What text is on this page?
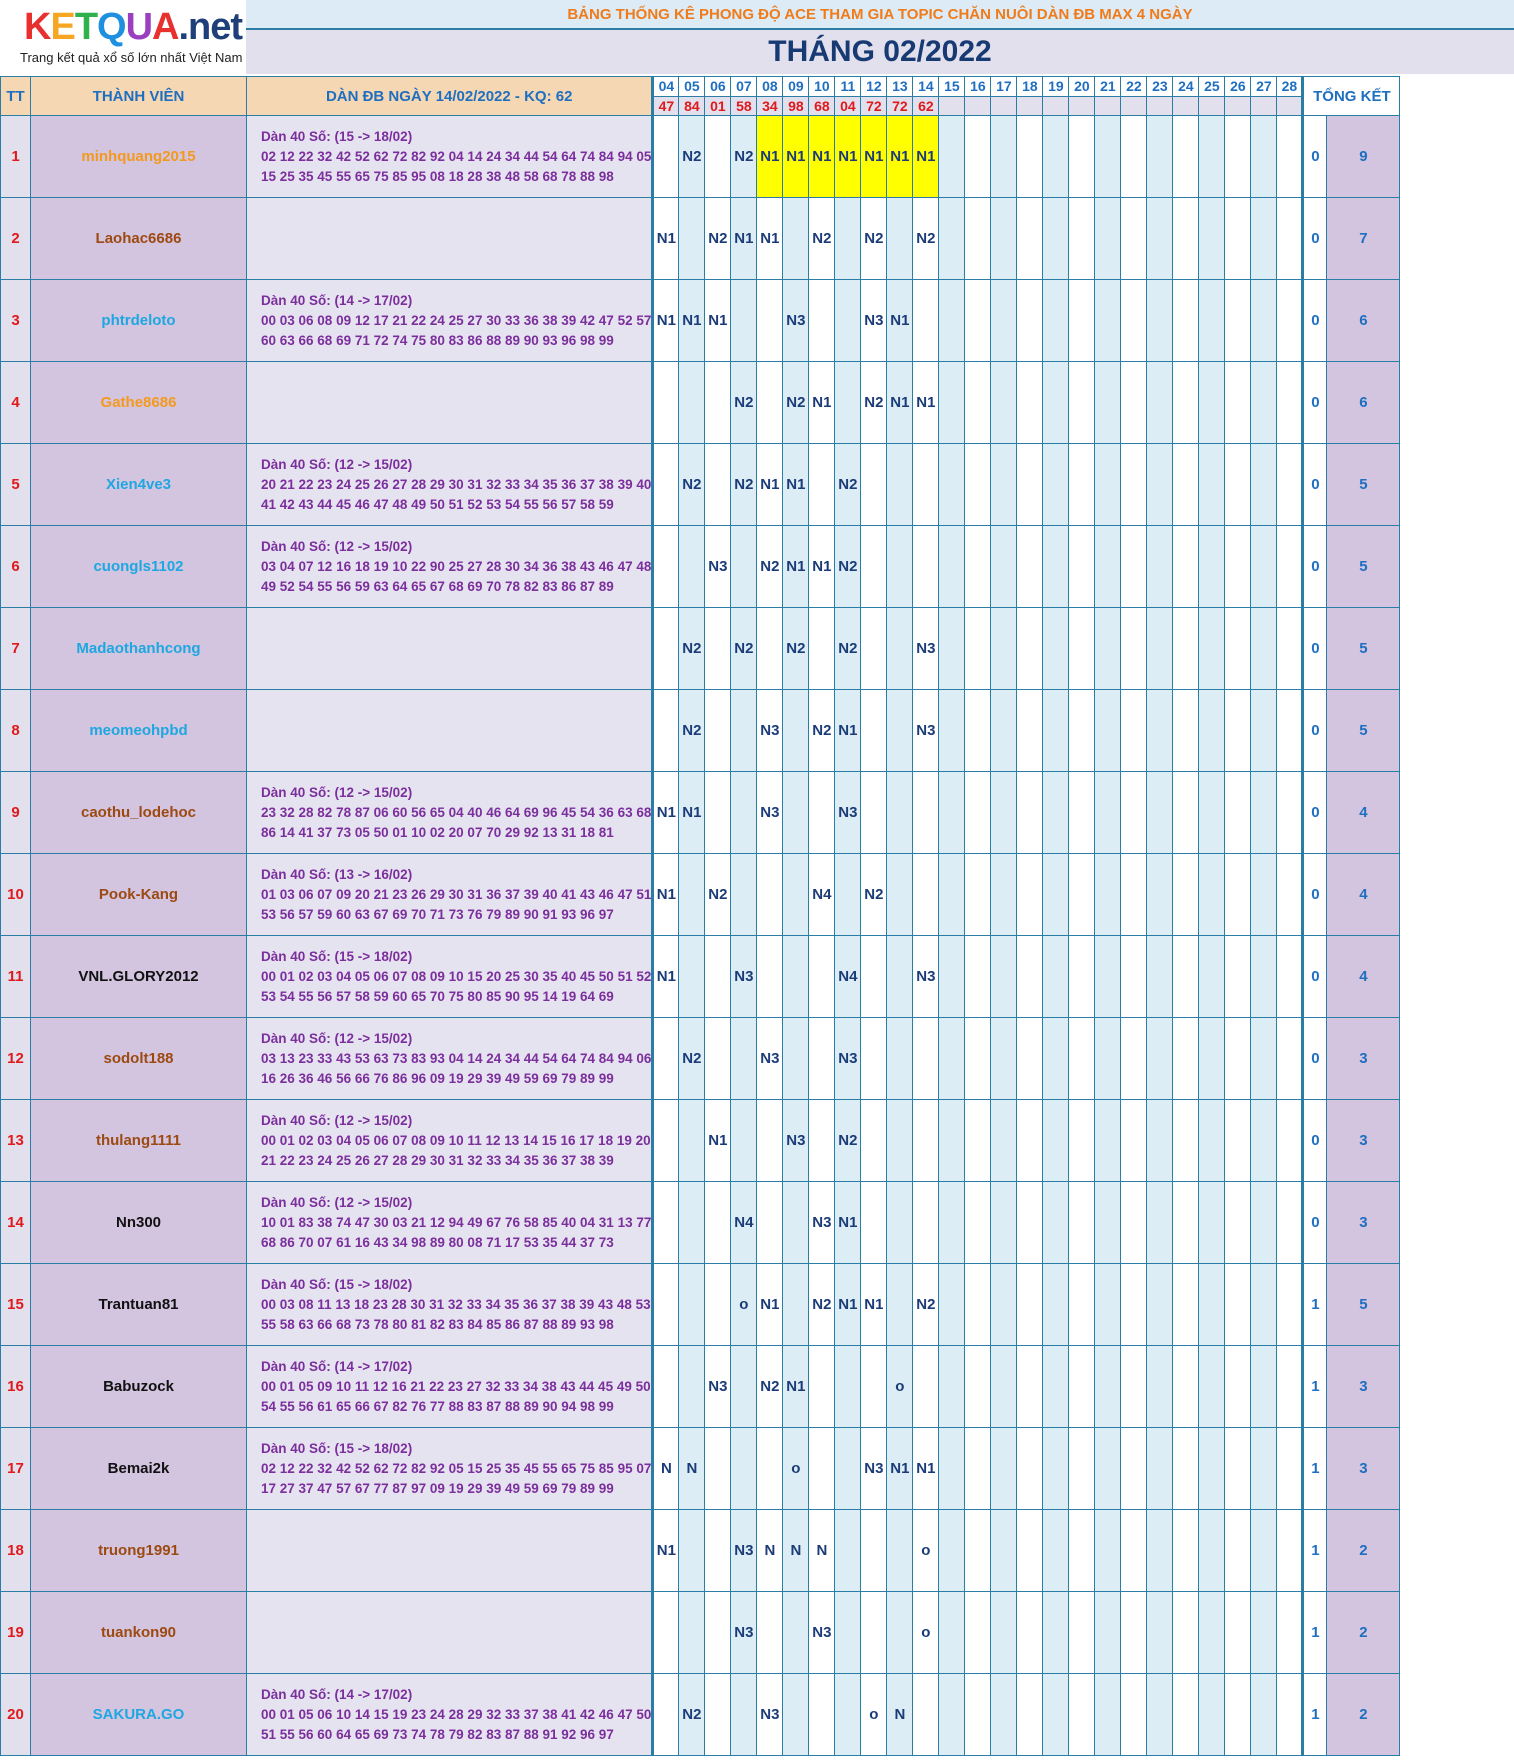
KETQUA.net
Trang kết quả xổ số lớn nhất Việt Nam
BẢNG THỐNG KÊ PHONG ĐỘ ACE THAM GIA TOPIC CHĂN NUÔI DÀN ĐB MAX 4 NGÀY
THÁNG 02/2022
TT	THÀNH VIÊN	DÀN ĐB NGÀY 14/02/2022 - KQ: 62	04	05	06	07	08	09	10	11	12	13	14	15	16	17	18	19	20	21	22	23	24	25	26	27	28	TỔNG KẾT	
			47	84	01	58	34	98	68	04	72	72	62																
1	minhquang2015	Dàn 40 Số: (15 -> 18/02)
02 12 22 32 42 52 62 72 82 92 04 14 24 34 44 54 64 74 84 94 05
15 25 35 45 55 65 75 85 95 08 18 28 38 48 58 68 78 88 98		N2		N2	N1	N1	N1	N1	N1	N1	N1															0	9
2	Laohac6686		N1		N2	N1	N1		N2		N2		N2															0	7
3	phtrdeloto	Dàn 40 Số: (14 -> 17/02)
00 03 06 08 09 12 17 21 22 24 25 27 30 33 36 38 39 42 47 52 57
60 63 66 68 69 71 72 74 75 80 83 86 88 89 90 93 96 98 99	N1	N1	N1			N3			N3	N1																0	6
4	Gathe8686					N2		N2	N1		N2	N1	N1															0	6
5	Xien4ve3	Dàn 40 Số: (12 -> 15/02)
20 21 22 23 24 25 26 27 28 29 30 31 32 33 34 35 36 37 38 39 40
41 42 43 44 45 46 47 48 49 50 51 52 53 54 55 56 57 58 59		N2		N2	N1	N1		N2																		0	5
6	cuongls1102	Dàn 40 Số: (12 -> 15/02)
03 04 07 12 16 18 19 10 22 90 25 27 28 30 34 36 38 43 46 47 48
49 52 54 55 56 59 63 64 65 67 68 69 70 78 82 83 86 87 89			N3		N2	N1	N1	N2																		0	5
7	Madaothanhcong			N2		N2		N2		N2			N3															0	5
8	meomeohpbd			N2			N3		N2	N1			N3															0	5
9	caothu_lodehoc	Dàn 40 Số: (12 -> 15/02)
23 32 28 82 78 87 06 60 56 65 04 40 46 64 69 96 45 54 36 63 68
86 14 41 37 73 05 50 01 10 02 20 07 70 29 92 13 31 18 81	N1	N1			N3			N3																		0	4
10	Pook-Kang	Dàn 40 Số: (13 -> 16/02)
01 03 06 07 09 20 21 23 26 29 30 31 36 37 39 40 41 43 46 47 51
53 56 57 59 60 63 67 69 70 71 73 76 79 89 90 91 93 96 97	N1		N2				N4		N2																	0	4
11	VNL.GLORY2012	Dàn 40 Số: (15 -> 18/02)
00 01 02 03 04 05 06 07 08 09 10 15 20 25 30 35 40 45 50 51 52
53 54 55 56 57 58 59 60 65 70 75 80 85 90 95 14 19 64 69	N1			N3				N4			N3															0	4
12	sodolt188	Dàn 40 Số: (12 -> 15/02)
03 13 23 33 43 53 63 73 83 93 04 14 24 34 44 54 64 74 84 94 06
16 26 36 46 56 66 76 86 96 09 19 29 39 49 59 69 79 89 99		N2			N3			N3																		0	3
13	thulang1111	Dàn 40 Số: (12 -> 15/02)
00 01 02 03 04 05 06 07 08 09 10 11 12 13 14 15 16 17 18 19 20
21 22 23 24 25 26 27 28 29 30 31 32 33 34 35 36 37 38 39			N1			N3		N2																		0	3
14	Nn300	Dàn 40 Số: (12 -> 15/02)
10 01 83 38 74 47 30 03 21 12 94 49 67 76 58 85 40 04 31 13 77
68 86 70 07 61 16 43 34 98 89 80 08 71 17 53 35 44 37 73				N4			N3	N1																		0	3
15	Trantuan81	Dàn 40 Số: (15 -> 18/02)
00 03 08 11 13 18 23 28 30 31 32 33 34 35 36 37 38 39 43 48 53
55 58 63 66 68 73 78 80 81 82 83 84 85 86 87 88 89 93 98				o	N1		N2	N1	N1		N2															1	5
16	Babuzock	Dàn 40 Số: (14 -> 17/02)
00 01 05 09 10 11 12 16 21 22 23 27 32 33 34 38 43 44 45 49 50
54 55 56 61 65 66 67 82 76 77 88 83 87 88 89 90 94 98 99			N3		N2	N1				o																1	3
17	Bemai2k	Dàn 40 Số: (15 -> 18/02)
02 12 22 32 42 52 62 72 82 92 05 15 25 35 45 55 65 75 85 95 07
17 27 37 47 57 67 77 87 97 09 19 29 39 49 59 69 79 89 99	N	N				o			N3	N1	N1															1	3
18	truong1991		N1			N3	N	N	N				o															1	2
19	tuankon90					N3			N3				o															1	2
20	SAKURA.GO	Dàn 40 Số: (14 -> 17/02)
00 01 05 06 10 14 15 19 23 24 28 29 32 33 37 38 41 42 46 47 50
51 55 56 60 64 65 69 73 74 78 79 82 83 87 88 91 92 96 97		N2			N3				o	N																1	2
